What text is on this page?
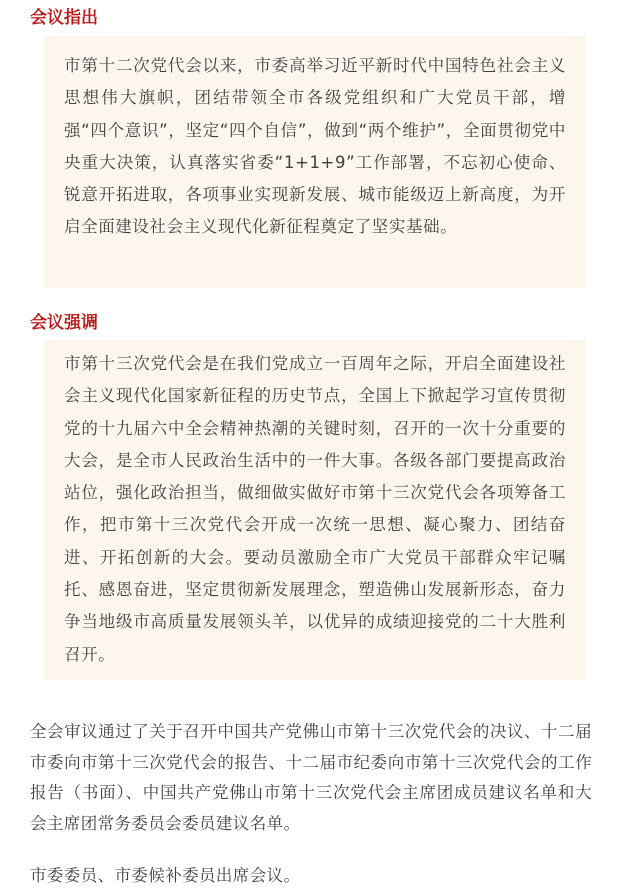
会议指出

市第十二次党代会以来，市委高举习近平新时代中国特色社会主义思想伟大旗帜，团结带领全市各级党组织和广大党员干部，增强“四个意识”，坚定“四个自信”，做到“两个维护”，全面贯彻党中央重大决策，认真落实省委“1+1+9”工作部署，不忘初心使命、锐意开拓进取，各项事业实现新发展、城市能级迈上新高度，为开启全面建设社会主义现代化新征程奠定了坚实基础。

会议强调

市第十三次党代会是在我们党成立一百周年之际，开启全面建设社会主义现代化国家新征程的历史节点，全国上下掀起学习宣传贯彻党的十九届六中全会精神热潮的关键时刻，召开的一次十分重要的大会，是全市人民政治生活中的一件大事。各级各部门要提高政治站位，强化政治担当，做细做实做好市第十三次党代会各项筹备工作，把市第十三次党代会开成一次统一思想、凝心聚力、团结奋进、开拓创新的大会。要动员激励全市广大党员干部群众牢记嘱托、感恩奋进，坚定贯彻新发展理念，塑造佛山发展新形态，奋力争当地级市高质量发展领头羊，以优异的成绩迎接党的二十大胜利召开。

全会审议通过了关于召开中国共产党佛山市第十三次党代会的决议、十二届市委向市第十三次党代会的报告、十二届市纪委向市第十三次党代会的工作报告（书面）、中国共产党佛山市第十三次党代会主席团成员建议名单和大会主席团常务委员会委员建议名单。

市委委员、市委候补委员出席会议。
